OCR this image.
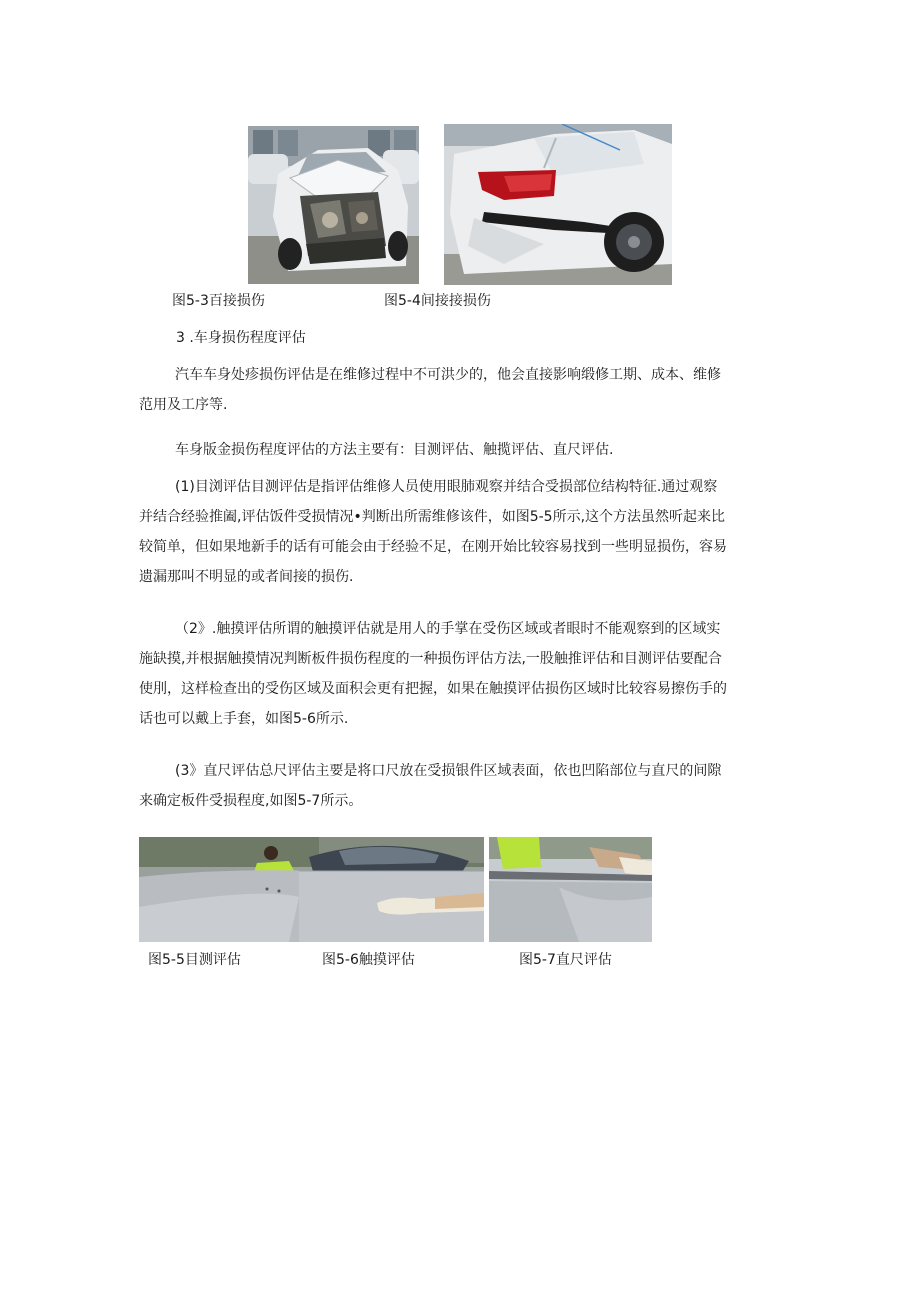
图5-3百接损伤	图5-4间接接损伤
3 .车身损伤程度评估
汽车车身处疹损伤评估是在维修过程中不可洪少的，他会直接影响缎修工期、成本、维修
范用及工序等.
车身版金损伤程度评估的方法主要有：目测评估、触揽评估、直尺评估.
(1)目浏评估目测评估是指评估维修人员使用眼肺观察并结合受损部位结构特征.通过观察
并结合经验推阖,评估饭件受损情况•判断出所需维修该件，如图5-5所示,这个方法虽然听起来比
较简单，但如果地新手的话有可能会由于经验不足，在刚开始比较容易找到一些明显损伤，容易
遗漏那叫不明显的或者间接的损伤.
（2》.触摸评估所谓的触摸评估就是用人的手掌在受伤区域或者眼时不能观察到的区域实
施缺摸,并根据触摸情况判断板件损伤程度的一种损伤评估方法,一股触推评估和目测评估要配合
使刖，这样检查出的受伤区域及面积会更有把握，如果在触摸评估损伤区域时比较容易擦伤手的
话也可以戴上手套，如图5-6所示.
(3》直尺评估总尺评估主要是将口尺放在受损银件区域表面，依也凹陷部位与直尺的间隙
来确定板件受损程度,如图5-7所示。
图5-5目测评估	图5-6触摸评估	图5-7直尺评估
